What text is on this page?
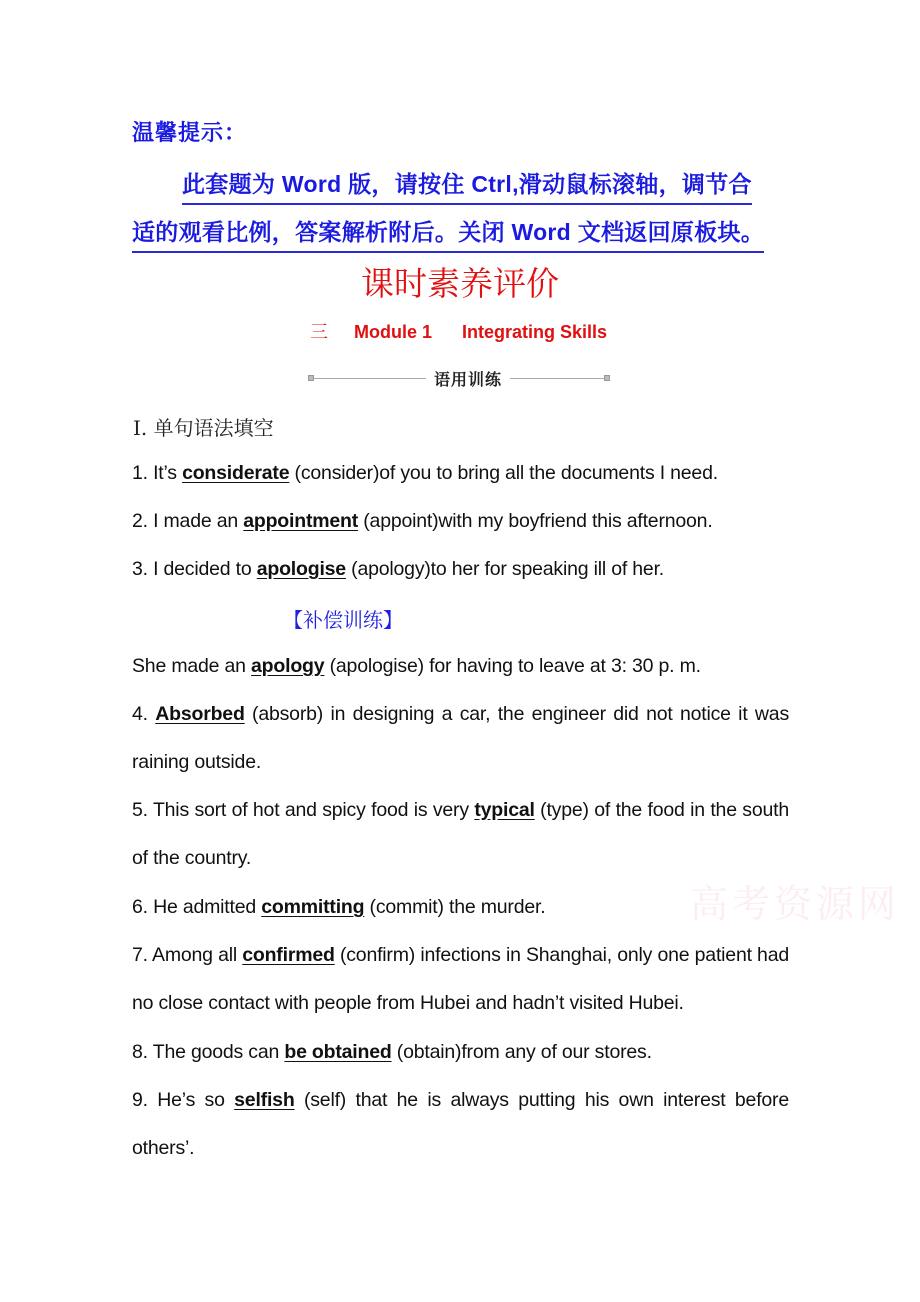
温馨提示：
此套题为 Word 版，请按住 Ctrl,滑动鼠标滚轴，调节合
适的观看比例，答案解析附后。关闭 Word 文档返回原板块。
课时素养评价
三 Module 1 Integrating Skills
语用训练
Ⅰ. 单句语法填空
1. It’s considerate (consider)of you to bring all the documents I need.
2. I made an appointment (appoint)with my boyfriend this afternoon.
3. I decided to apologise (apology)to her for speaking ill of her.
【补偿训练】
She made an apology (apologise) for having to leave at 3: 30 p. m.
4. Absorbed (absorb) in designing a car, the engineer did not notice it was raining outside.
5. This sort of hot and spicy food is very typical (type) of the food in the south of the country.
6. He admitted committing (commit) the murder.
7. Among all confirmed (confirm) infections in Shanghai, only one patient had no close contact with people from Hubei and hadn’t visited Hubei.
8. The goods can be obtained (obtain)from any of our stores.
9. He’s so selfish (self) that he is always putting his own interest before others’.
高考资源网
